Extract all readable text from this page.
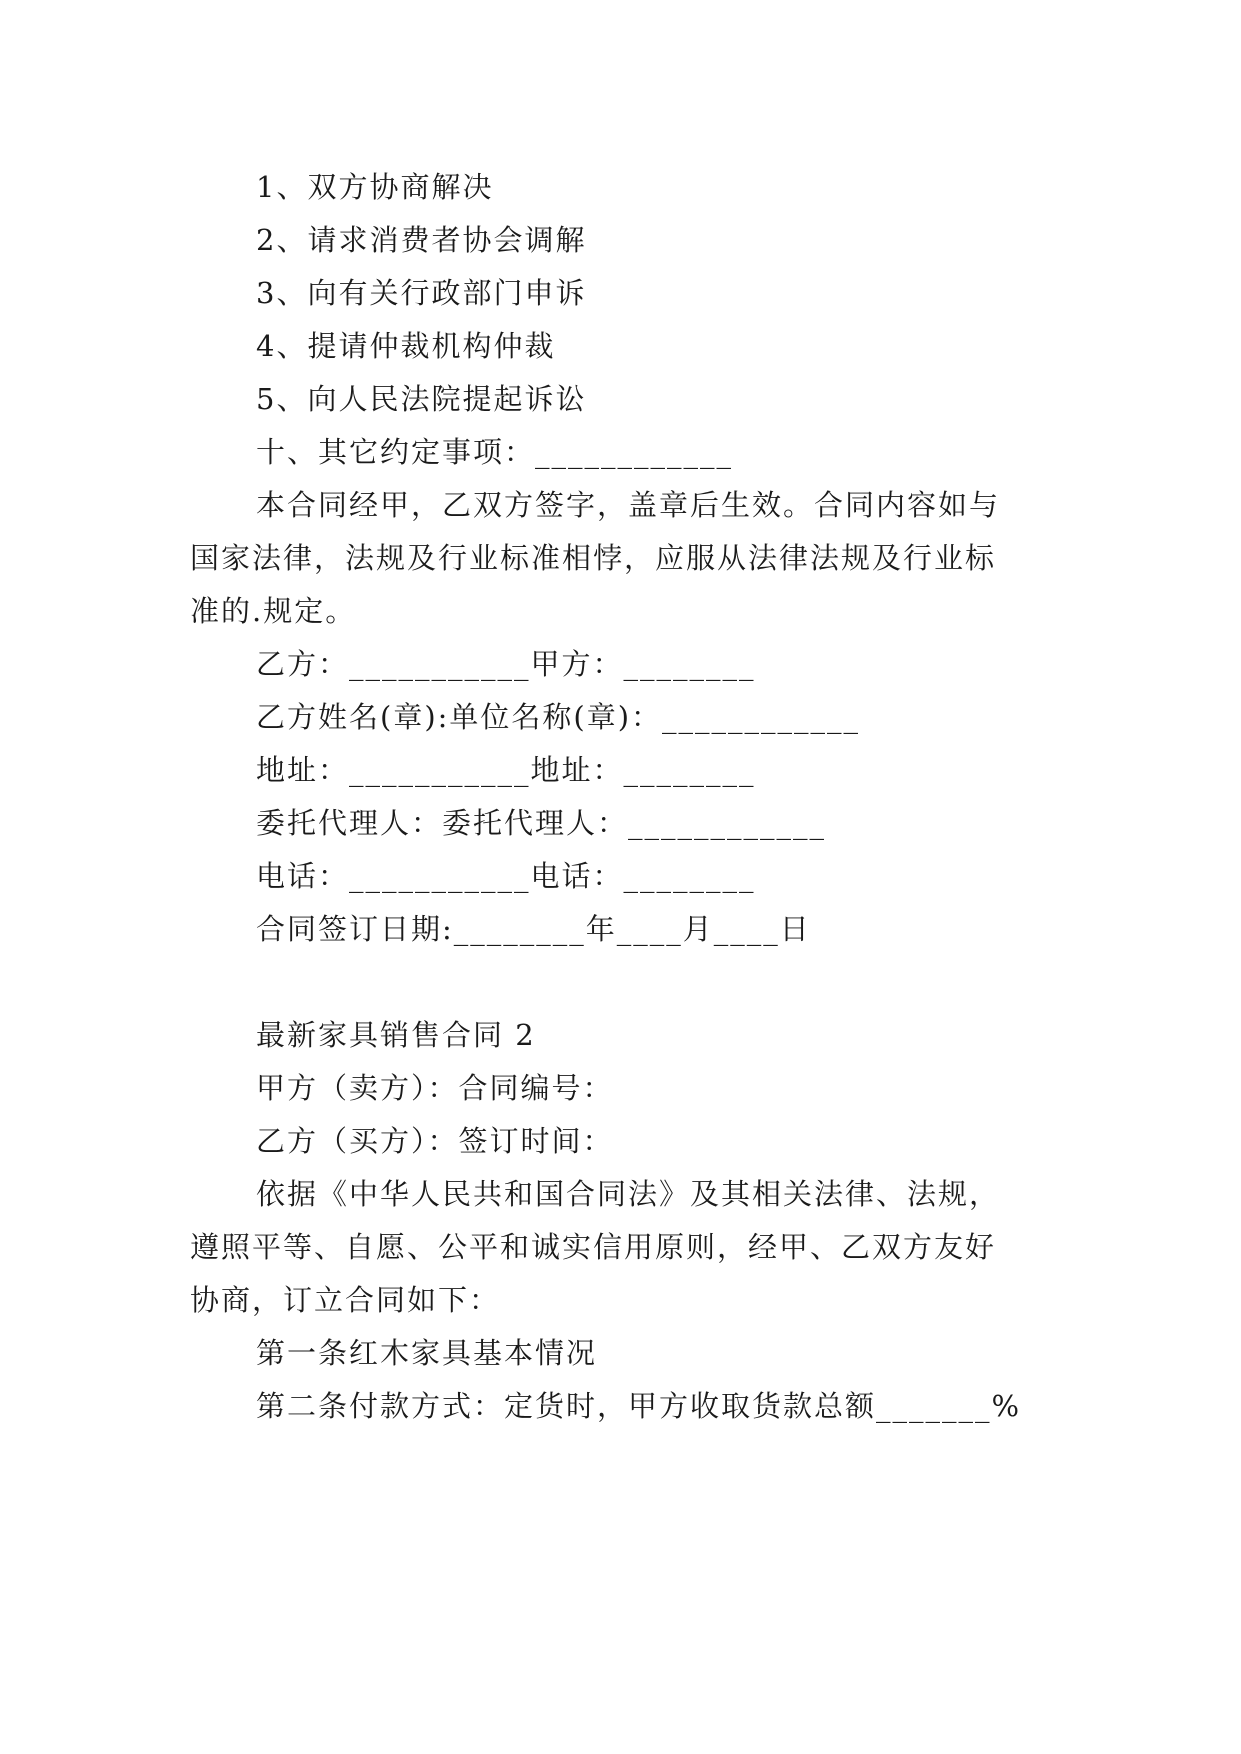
1、双方协商解决
2、请求消费者协会调解
3、向有关行政部门申诉
4、提请仲裁机构仲裁
5、向人民法院提起诉讼
十、其它约定事项：____________
本合同经甲，乙双方签字，盖章后生效。合同内容如与
国家法律，法规及行业标准相悖，应服从法律法规及行业标
准的.规定。
乙方：___________甲方：________
乙方姓名(章):单位名称(章)：____________
地址：___________地址：________
委托代理人：委托代理人：____________
电话：___________电话：________
合同签订日期:________年____月____日
最新家具销售合同 2
甲方（卖方）：合同编号：
乙方（买方）：签订时间：
依据《中华人民共和国合同法》及其相关法律、法规，
遵照平等、自愿、公平和诚实信用原则，经甲、乙双方友好
协商，订立合同如下：
第一条红木家具基本情况
第二条付款方式：定货时，甲方收取货款总额_______%
